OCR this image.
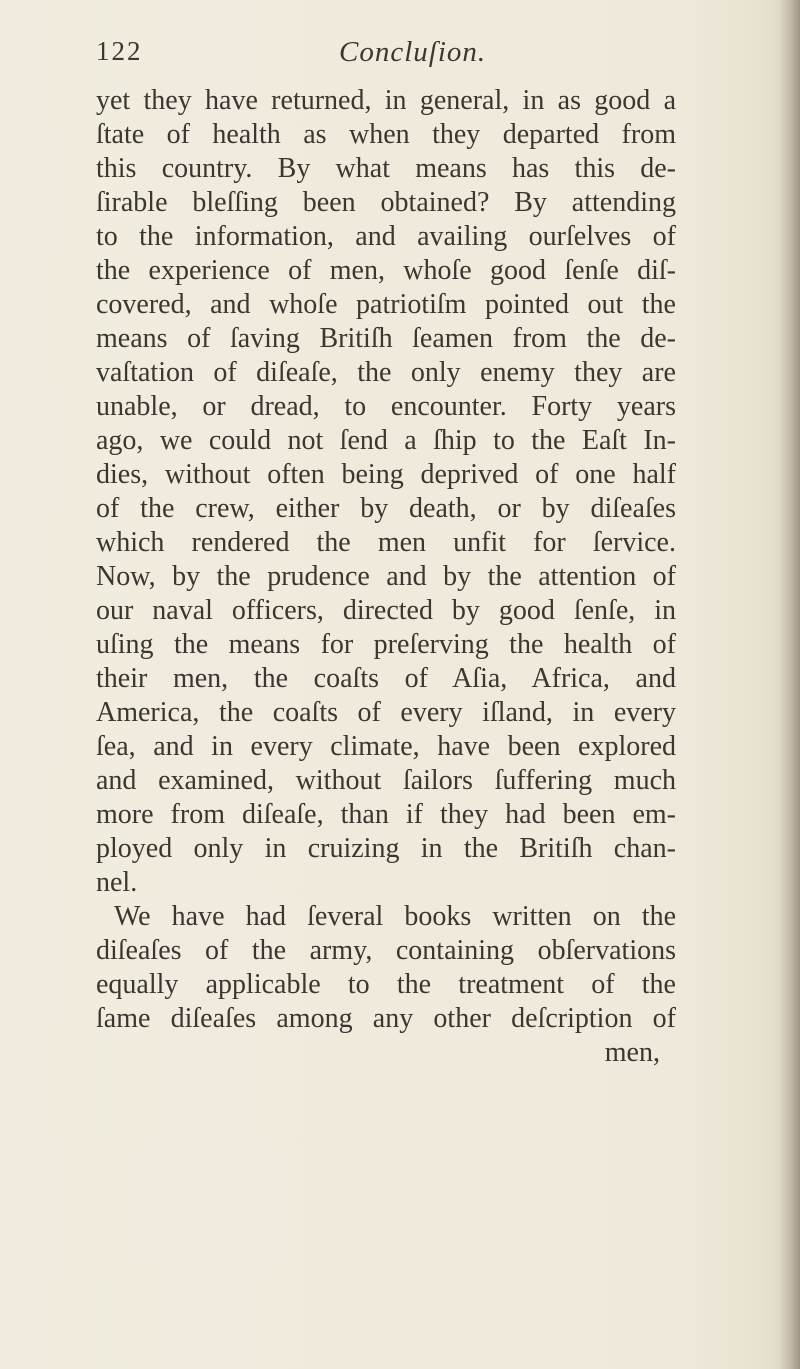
122	Concluſion.
yet they have returned, in general, in as good a
ſtate of health as when they departed from
this country. By what means has this de-
ſirable bleſſing been obtained? By attending
to the information, and availing ourſelves of
the experience of men, whoſe good ſenſe diſ-
covered, and whoſe patriotiſm pointed out the
means of ſaving Britiſh ſeamen from the de-
vaſtation of diſeaſe, the only enemy they are
unable, or dread, to encounter. Forty years
ago, we could not ſend a ſhip to the Eaſt In-
dies, without often being deprived of one half
of the crew, either by death, or by diſeaſes
which rendered the men unfit for ſervice.
Now, by the prudence and by the attention of
our naval officers, directed by good ſenſe, in
uſing the means for preſerving the health of
their men, the coaſts of Aſia, Africa, and
America, the coaſts of every iſland, in every
ſea, and in every climate, have been explored
and examined, without ſailors ſuffering much
more from diſeaſe, than if they had been em-
ployed only in cruizing in the Britiſh chan-
nel.
We have had ſeveral books written on the
diſeaſes of the army, containing obſervations
equally applicable to the treatment of the
ſame diſeaſes among any other deſcription of
men,
